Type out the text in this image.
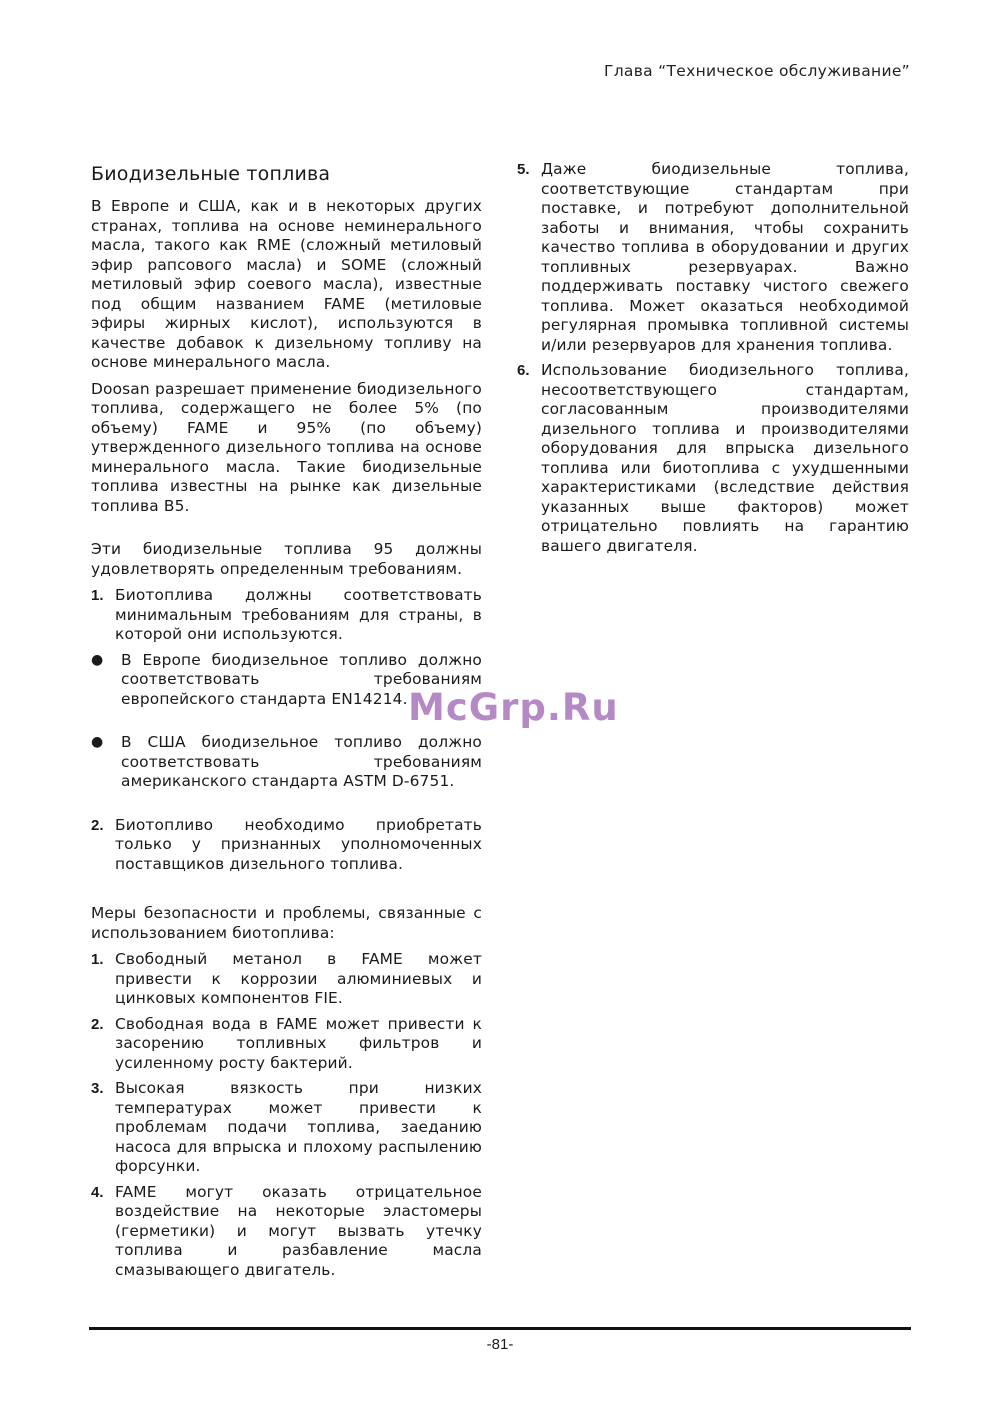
Глава “Техническое обслуживание”
Биодизельные топлива

В Европе и США, как и в некоторых других странах, топлива на основе неминерального масла, такого как RME (сложный метиловый эфир рапсового масла) и SOME (сложный метиловый эфир соевого масла), известные под общим названием FAME (метиловые эфиры жирных кислот), используются в качестве добавок к дизельному топливу на основе минерального масла.

Doosan разрешает применение биодизельного топлива, содержащего не более 5% (по объему) FAME и 95% (по объему) утвержденного дизельного топлива на основе минерального масла. Такие биодизельные топлива известны на рынке как дизельные топлива B5.

Эти биодизельные топлива 95 должны удовлетворять определенным требованиям.

1. Биотоплива должны соответствовать минимальным требованиям для страны, в которой они используются.
●	В Европе биодизельное топливо должно соответствовать требованиям европейского стандарта EN14214.
●	В США биодизельное топливо должно соответствовать требованиям американского стандарта ASTM D-6751.
2. Биотопливо необходимо приобретать только у признанных уполномоченных поставщиков дизельного топлива.

Меры безопасности и проблемы, связанные с использованием биотоплива:

1. Свободный метанол в FAME может привести к коррозии алюминиевых и цинковых компонентов FIE.
2. Свободная вода в FAME может привести к засорению топливных фильтров и усиленному росту бактерий.
3. Высокая вязкость при низких температурах может привести к проблемам подачи топлива, заеданию насоса для впрыска и плохому распылению форсунки.
4. FAME могут оказать отрицательное воздействие на некоторые эластомеры (герметики) и могут вызвать утечку топлива и разбавление масла смазывающего двигатель.
5. Даже биодизельные топлива, соответствующие стандартам при поставке, и потребуют дополнительной заботы и внимания, чтобы сохранить качество топлива в оборудовании и других топливных резервуарах. Важно поддерживать поставку чистого свежего топлива. Может оказаться необходимой регулярная промывка топливной системы и/или резервуаров для хранения топлива.
6. Использование биодизельного топлива, несоответствующего стандартам, согласованным производителями дизельного топлива и производителями оборудования для впрыска дизельного топлива или биотоплива с ухудшенными характеристиками (вследствие действия указанных выше факторов) может отрицательно повлиять на гарантию вашего двигателя.
McGrp.Ru
-81-
